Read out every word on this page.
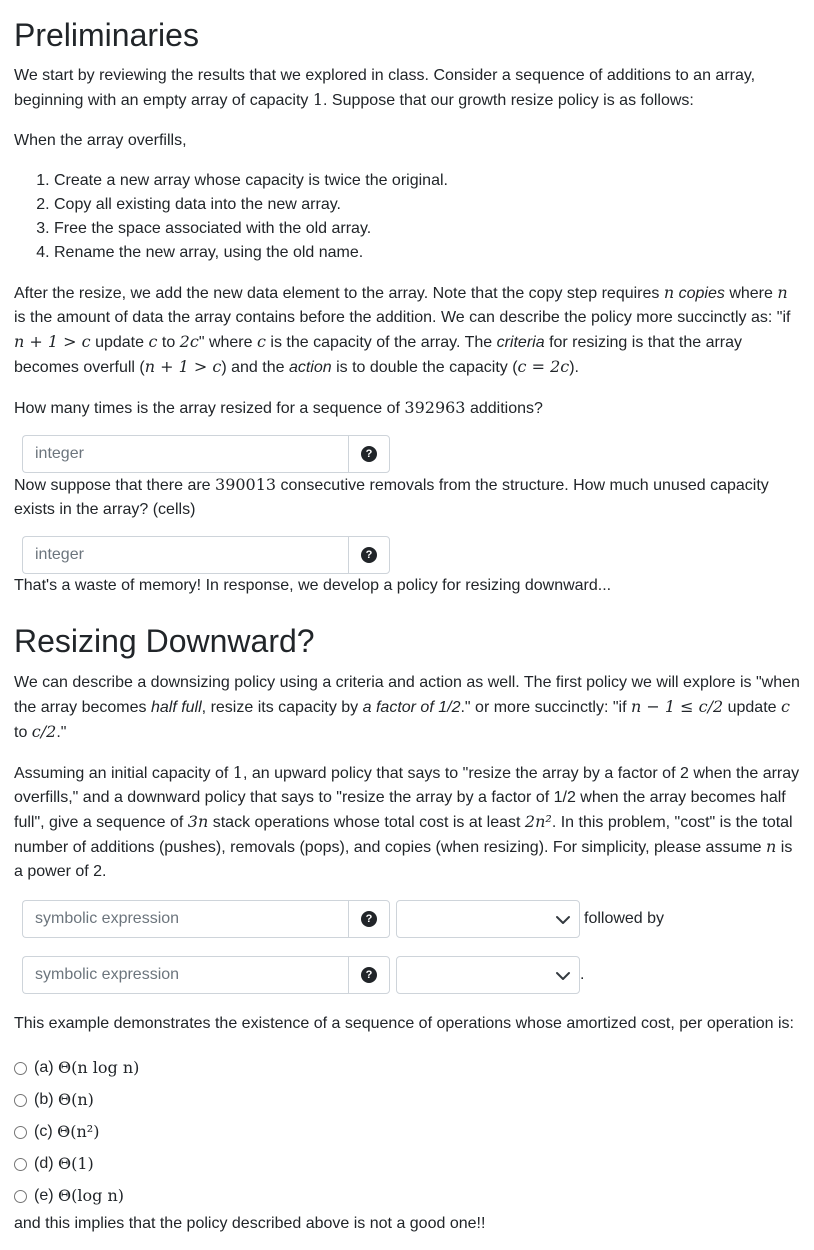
Preliminaries

We start by reviewing the results that we explored in class. Consider a sequence of additions to an array, beginning with an empty array of capacity 1. Suppose that our growth resize policy is as follows:

When the array overfills,

1. Create a new array whose capacity is twice the original.
2. Copy all existing data into the new array.
3. Free the space associated with the old array.
4. Rename the new array, using the old name.

After the resize, we add the new data element to the array. Note that the copy step requires n copies where n is the amount of data the array contains before the addition. We can describe the policy more succinctly as: "if n + 1 > c update c to 2c" where c is the capacity of the array. The criteria for resizing is that the array becomes overfull (n + 1 > c) and the action is to double the capacity (c = 2c).

How many times is the array resized for a sequence of 392963 additions?

integer
?

Now suppose that there are 390013 consecutive removals from the structure. How much unused capacity exists in the array? (cells)

integer
?

That's a waste of memory! In response, we develop a policy for resizing downward...

Resizing Downward?

We can describe a downsizing policy using a criteria and action as well. The first policy we will explore is "when the array becomes half full, resize its capacity by a factor of 1/2." or more succinctly: "if n − 1 ≤ c/2 update c to c/2."

Assuming an initial capacity of 1, an upward policy that says to "resize the array by a factor of 2 when the array overfills," and a downward policy that says to "resize the array by a factor of 1/2 when the array becomes half full", give a sequence of 3n stack operations whose total cost is at least 2n². In this problem, "cost" is the total number of additions (pushes), removals (pops), and copies (when resizing). For simplicity, please assume n is a power of 2.

symbolic expression
?	followed by
symbolic expression
?	.

This example demonstrates the existence of a sequence of operations whose amortized cost, per operation is:

(a)
Θ(n log n)
(b)
Θ(n)
(c)
Θ(n²)
(d)
Θ(1)
(e)
Θ(log n)

and this implies that the policy described above is not a good one!!
